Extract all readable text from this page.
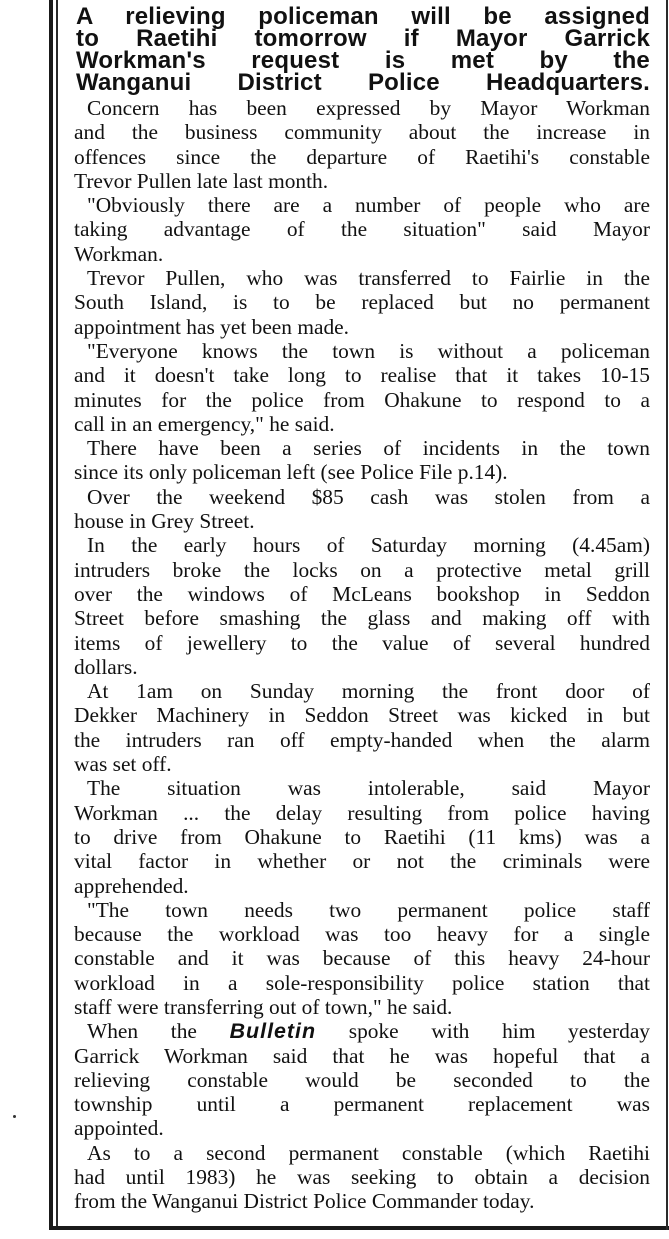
A relieving policeman will be assigned
to Raetihi tomorrow if Mayor Garrick
Workman's request is met by the
Wanganui District Police Headquarters.

Concern has been expressed by Mayor Workman
and the business community about the increase in
offences since the departure of Raetihi's constable
Trevor Pullen late last month.

"Obviously there are a number of people who are
taking advantage of the situation" said Mayor
Workman.

Trevor Pullen, who was transferred to Fairlie in the
South Island, is to be replaced but no permanent
appointment has yet been made.

"Everyone knows the town is without a policeman
and it doesn't take long to realise that it takes 10-15
minutes for the police from Ohakune to respond to a
call in an emergency," he said.

There have been a series of incidents in the town
since its only policeman left (see Police File p.14).

Over the weekend $85 cash was stolen from a
house in Grey Street.

In the early hours of Saturday morning (4.45am)
intruders broke the locks on a protective metal grill
over the windows of McLeans bookshop in Seddon
Street before smashing the glass and making off with
items of jewellery to the value of several hundred
dollars.

At 1am on Sunday morning the front door of
Dekker Machinery in Seddon Street was kicked in but
the intruders ran off empty-handed when the alarm
was set off.

The situation was intolerable, said Mayor
Workman ... the delay resulting from police having
to drive from Ohakune to Raetihi (11 kms) was a
vital factor in whether or not the criminals were
apprehended.

"The town needs two permanent police staff
because the workload was too heavy for a single
constable and it was because of this heavy 24-hour
workload in a sole-responsibility police station that
staff were transferring out of town," he said.

When the Bulletin spoke with him yesterday
Garrick Workman said that he was hopeful that a
relieving constable would be seconded to the
township until a permanent replacement was
appointed.

As to a second permanent constable (which Raetihi
had until 1983) he was seeking to obtain a decision
from the Wanganui District Police Commander today.
